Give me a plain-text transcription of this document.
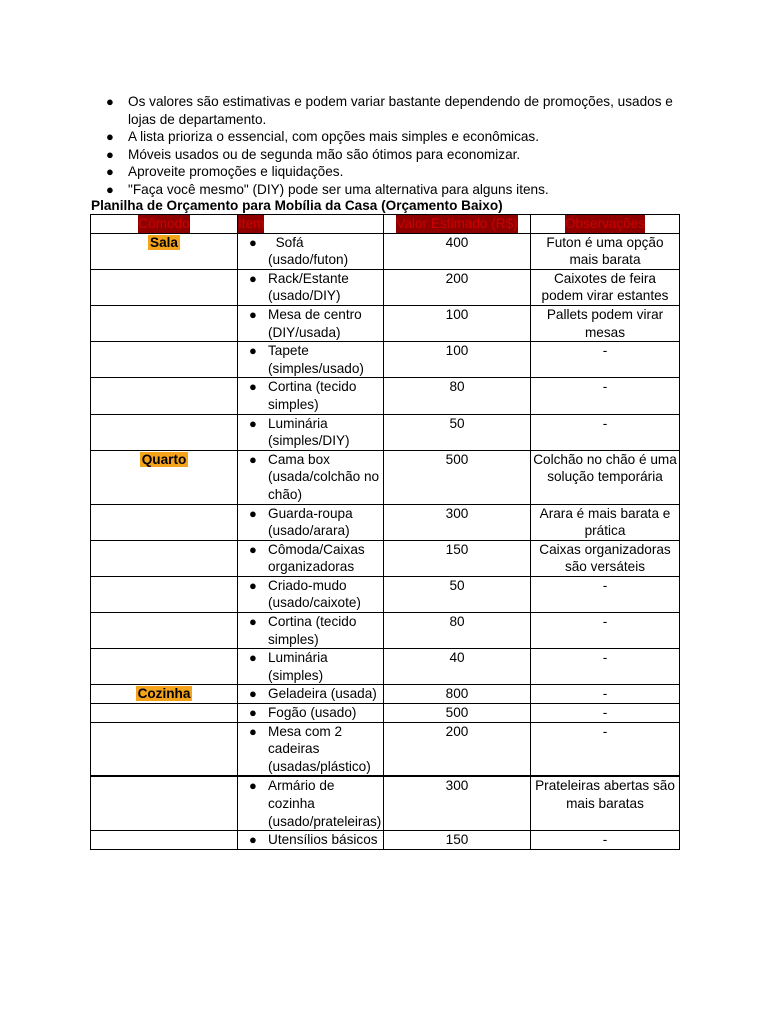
● Os valores são estimativas e podem variar bastante dependendo de promoções, usados e lojas de departamento.
● A lista prioriza o essencial, com opções mais simples e econômicas.
● Móveis usados ou de segunda mão são ótimos para economizar.
● Aproveite promoções e liquidações.
● "Faça você mesmo" (DIY) pode ser uma alternativa para alguns itens.
Planilha de Orçamento para Mobília da Casa (Orçamento Baixo)
Cômodo	Item	Valor Estimado (R$)	Observações
Sala	● Sofá (usado/futon)	400	Futon é uma opção mais barata

	● Rack/Estante (usado/DIY)	200	Caixotes de feira podem virar estantes

	● Mesa de centro (DIY/usada)	100	Pallets podem virar mesas

	● Tapete (simples/usado)	100	-

	● Cortina (tecido simples)	80	-

	● Luminária (simples/DIY)	50	-
Quarto	● Cama box (usada/colchão no chão)	500	Colchão no chão é uma solução temporária

	● Guarda-roupa (usado/arara)	300	Arara é mais barata e prática

	● Cômoda/Caixas organizadoras	150	Caixas organizadoras são versáteis

	● Criado-mudo (usado/caixote)	50	-

	● Cortina (tecido simples)	80	-

	● Luminária (simples)	40	-
Cozinha	● Geladeira (usada)	800	-

	● Fogão (usado)	500	-

	● Mesa com 2 cadeiras (usadas/plástico)	200	-

	● Armário de cozinha (usado/prateleiras)	300	Prateleiras abertas são mais baratas

	● Utensílios básicos	150	-
